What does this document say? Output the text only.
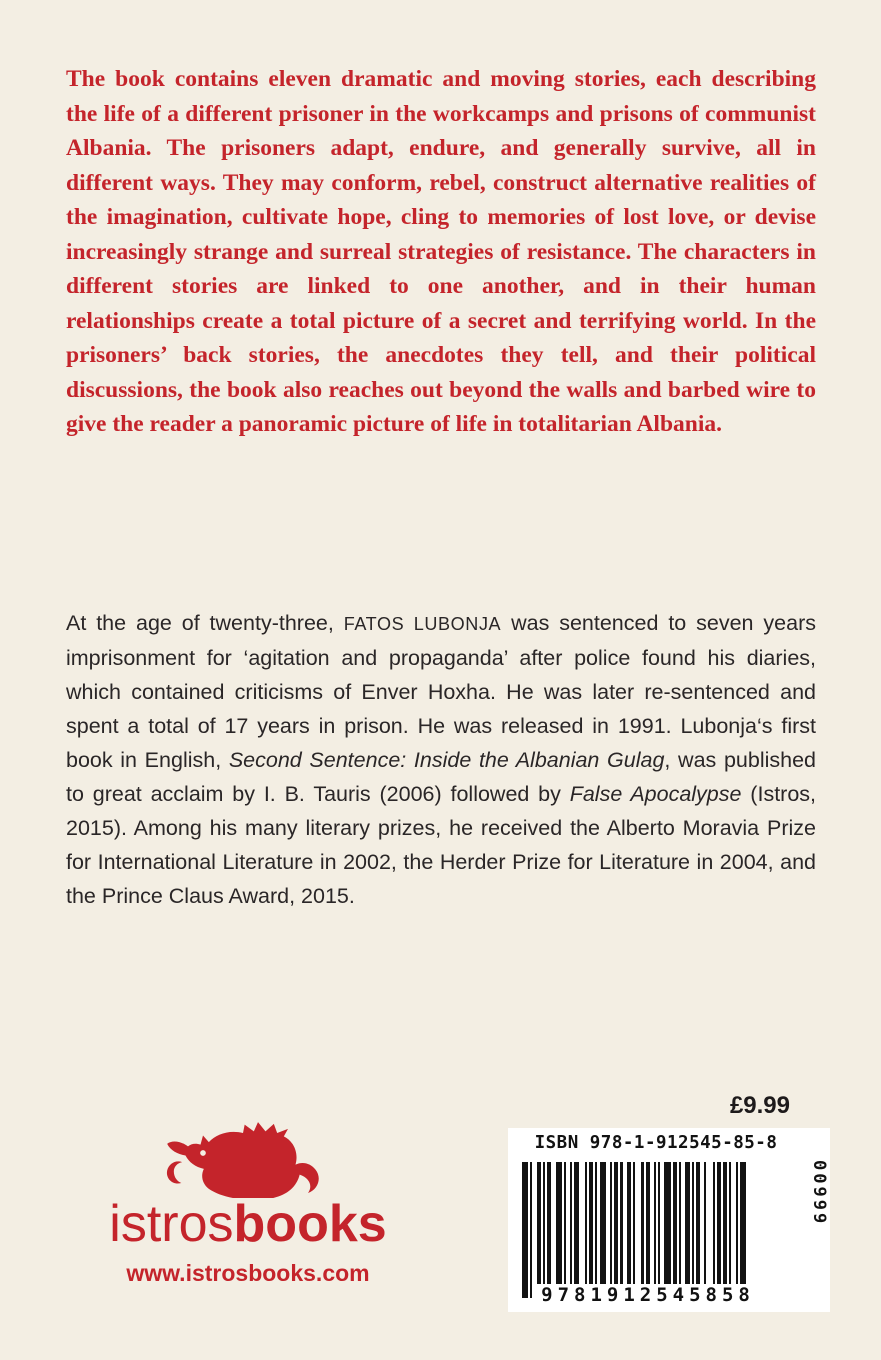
The book contains eleven dramatic and moving stories, each describing the life of a different prisoner in the workcamps and prisons of communist Albania. The prisoners adapt, endure, and generally survive, all in different ways. They may conform, rebel, construct alternative realities of the imagination, cultivate hope, cling to memories of lost love, or devise increasingly strange and surreal strategies of resistance. The characters in different stories are linked to one another, and in their human relationships create a total picture of a secret and terrifying world. In the prisoners’ back stories, the anecdotes they tell, and their political discussions, the book also reaches out beyond the walls and barbed wire to give the reader a panoramic picture of life in totalitarian Albania.

At the age of twenty-three, FATOS LUBONJA was sentenced to seven years imprisonment for ‘agitation and propaganda’ after police found his diaries, which contained criticisms of Enver Hoxha. He was later re-sentenced and spent a total of 17 years in prison. He was released in 1991. Lubonja‘s first book in English, Second Sentence: Inside the Albanian Gulag, was published to great acclaim by I. B. Tauris (2006) followed by False Apocalypse (Istros, 2015). Among his many literary prizes, he received the Alberto Moravia Prize for International Literature in 2002, the Herder Prize for Literature in 2004, and the Prince Claus Award, 2015.

£9.99
ISBN 978-1-912545-85-8
00999
9781912545858
istrosbooks
www.istrosbooks.com
